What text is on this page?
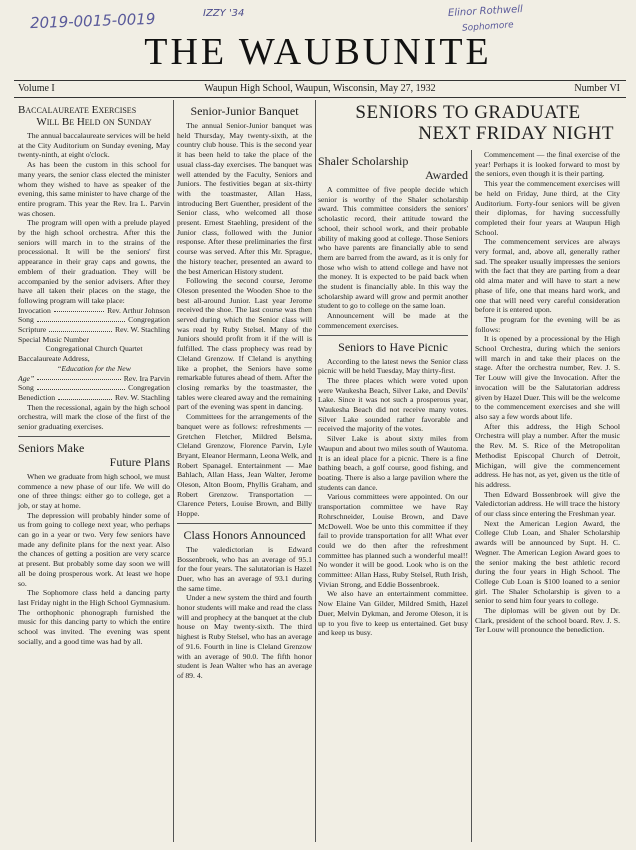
2019-0015-0019	IZZY '34	Elinor Rothwell
Sophomore
THE WAUBUNITE
Volume I	Waupun High School, Waupun, Wisconsin, May 27, 1932	Number VI
Baccalaureate Exercises
Will Be Held on Sunday

The annual baccalaureate services will be held at the City Auditorium on Sunday evening, May twenty-ninth, at eight o'clock.

As has been the custom in this school for many years, the senior class elected the minister whom they wished to have as speaker of the evening, this same minister to have charge of the entire program. This year the Rev. Ira L. Parvin was chosen.

The program will open with a prelude played by the high school orchestra. After this the seniors will march in to the strains of the processional. It will be the seniors' first appearance in their gray caps and gowns, the emblem of their graduation. They will be accompanied by the senior advisers. After they have all taken their places on the stage, the following program will take place:

Invocation	Rev. Arthur Johnson
Song	Congregation
Scripture	Rev. W. Stachling
Special Music Number
Congregational Church Quartet
Baccalaureate Address,
“Education for the New
Age”	Rev. Ira Parvin
Song	Congregation
Benediction	Rev. W. Stachling

Then the recessional, again by the high school orchestra, will mark the close of the first of the senior graduating exercises.

Seniors Make
Future Plans

When we graduate from high school, we must commence a new phase of our life. We will do one of three things: either go to college, get a job, or stay at home.

The depression will probably hinder some of us from going to college next year, who perhaps can go in a year or two. Very few seniors have made any definite plans for the next year. Also the chances of getting a position are very scarce at present. But probably some day soon we will all be doing prosperous work. At least we hope so.

The Sophomore class held a dancing party last Friday night in the High School Gymnasium. The orthophonic phonograph furnished the music for this dancing party to which the entire school was invited. The evening was spent socially, and a good time was had by all.

Senior-Junior Banquet

The annual Senior-Junior banquet was held Thursday, May twenty-sixth, at the country club house. This is the second year it has been held to take the place of the usual class-day exercises. The banquet was well attended by the Faculty, Seniors and Juniors. The festivities began at six-thirty with the toastmaster, Allan Hass, introducing Bert Guenther, president of the Senior class, who welcomed all those present. Ernest Staehling, president of the Junior class, followed with the Junior response. After these preliminaries the first course was served. After this Mr. Sprague, the history teacher, presented an award to the best American History student.

Following the second course, Jerome Oleson presented the Wooden Shoe to the best all-around Junior. Last year Jerome received the shoe. The last course was then served during which the Senior class will was read by Ruby Stelsel. Many of the Juniors should profit from it if the will is fulfilled. The class prophecy was read by Cleland Grenzow. If Cleland is anything like a prophet, the Seniors have some remarkable futures ahead of them. After the closing remarks by the toastmaster, the tables were cleared away and the remaining part of the evening was spent in dancing.

Committees for the arrangements of the banquet were as follows: refreshments — Gretchen Fletcher, Mildred Belsma, Cleland Grenzow, Florence Parvin, Lyle Bryant, Eleanor Hermann, Leona Welk, and Robert Spanagel. Entertainment — Mae Bahlach, Allan Hass, Jean Walter, Jerome Oleson, Alton Boom, Phyllis Graham, and Robert Grenzow. Transportation — Clarence Peters, Louise Brown, and Billy Hoppe.

Class Honors Announced

The valedictorian is Edward Bossenbroek, who has an average of 95.1 for the four years. The salutatorian is Hazel Duer, who has an average of 93.1 during the same time.

Under a new system the third and fourth honor students will make and read the class will and prophecy at the banquet at the club house on May twenty-sixth. The third highest is Ruby Stelsel, who has an average of 91.6. Fourth in line is Cleland Grenzow with an average of 90.0. The fifth honor student is Jean Walter who has an average of 89. 4.

SENIORS TO GRADUATE
NEXT FRIDAY NIGHT
Shaler Scholarship
Awarded

A committee of five people decide which senior is worthy of the Shaler scholarship award. This committee considers the seniors' scholastic record, their attitude toward the school, their school work, and their probable ability of making good at college. Those Seniors who have parents are financially able to send them are barred from the award, as it is only for those who wish to attend college and have not the money. It is expected to be paid back when the student is financially able. In this way the scholarship award will grow and permit another student to go to college on the same loan.

Announcement will be made at the commencement exercises.

Seniors to Have Picnic

According to the latest news the Senior class picnic will be held Tuesday, May thirty-first.

The three places which were voted upon were Waukesha Beach, Silver Lake, and Devils' Lake. Since it was not such a prosperous year, Waukesha Beach did not receive many votes. Silver Lake sounded rather favorable and received the majority of the votes.

Silver Lake is about sixty miles from Waupun and about two miles south of Wautoma. It is an ideal place for a picnic. There is a fine bathing beach, a golf course, good fishing, and boating. There is also a large pavilion where the students can dance.

Various committees were appointed. On our transportation committee we have Ray Rohrschneider, Louise Brown, and Dave McDowell. Woe be unto this committee if they fail to provide transportation for all! What ever could we do then after the refreshment committee has planned such a wonderful meal!! No wonder it will be good. Look who is on the committee: Allan Hass, Ruby Stelsel, Ruth Irish, Vivian Strong, and Eddie Bossenbroek.

We also have an entertainment committee. Now Elaine Van Gilder, Mildred Smith, Hazel Duer, Melvin Dykman, and Jerome Oleson, it is up to you five to keep us entertained. Get busy and keep us busy.

Commencement — the final exercise of the year! Perhaps it is looked forward to most by the seniors, even though it is their parting.

This year the commencement exercises will be held on Friday, June third, at the City Auditorium. Forty-four seniors will be given their diplomas, for having successfully completed their four years at Waupun High School.

The commencement services are always very formal, and, above all, generally rather sad. The speaker usually impresses the seniors with the fact that they are parting from a dear old alma mater and will have to start a new phase of life, one that means hard work, and one that will need very careful consideration before it is entered upon.

The program for the evening will be as follows:

It is opened by a processional by the High School Orchestra, during which the seniors will march in and take their places on the stage. After the orchestra number, Rev. J. S. Ter Louw will give the Invocation. After the invocation will be the Salutatorian address given by Hazel Duer. This will be the welcome to the commencement exercises and she will also say a few words about life.

After this address, the High School Orchestra will play a number. After the music the Rev. M. S. Rice of the Metropolitan Methodist Episcopal Church of Detroit, Michigan, will give the commencement address. He has not, as yet, given us the title of his address.

Then Edward Bossenbroek will give the Valedictorian address. He will trace the history of our class since entering the Freshman year.

Next the American Legion Award, the College Club Loan, and Shaler Scholarship awards will be announced by Supt. H. C. Wegner. The American Legion Award goes to the senior making the best athletic record during the four years in High School. The College Cub Loan is $100 loaned to a senior girl. The Shaler Scholarship is given to a senior to send him four years to college.

The diplomas will be given out by Dr. Clark, president of the school board. Rev. J. S. Ter Louw will pronounce the benediction.
